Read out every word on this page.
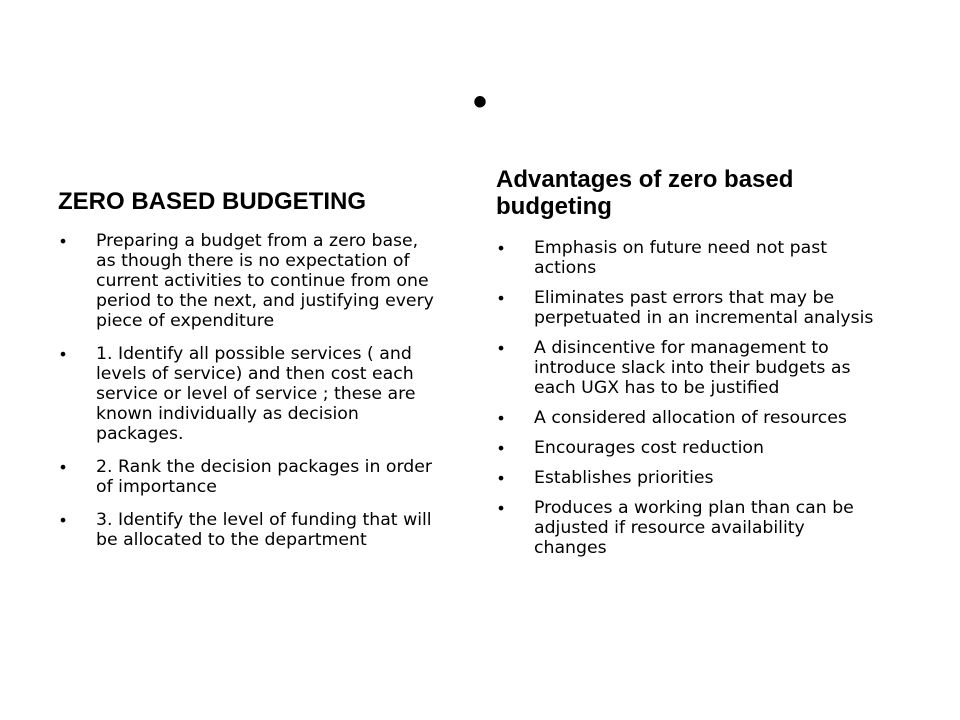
•
ZERO BASED BUDGETING
• Preparing a budget from a zero base, as though there is no expectation of current activities to continue from one period to the next, and justifying every piece of expenditure
• 1. Identify all possible services ( and levels of service) and then cost each service or level of service ; these are known individually as decision packages.
• 2. Rank the decision packages in order of importance
• 3. Identify the level of funding that will be allocated to the department
Advantages of zero based budgeting
• Emphasis on future need not past actions
• Eliminates past errors that may be perpetuated in an incremental analysis
• A disincentive for management to introduce slack into their budgets as each UGX has to be justified
• A considered allocation of resources
• Encourages cost reduction
• Establishes priorities
• Produces a working plan than can be adjusted if resource availability changes
